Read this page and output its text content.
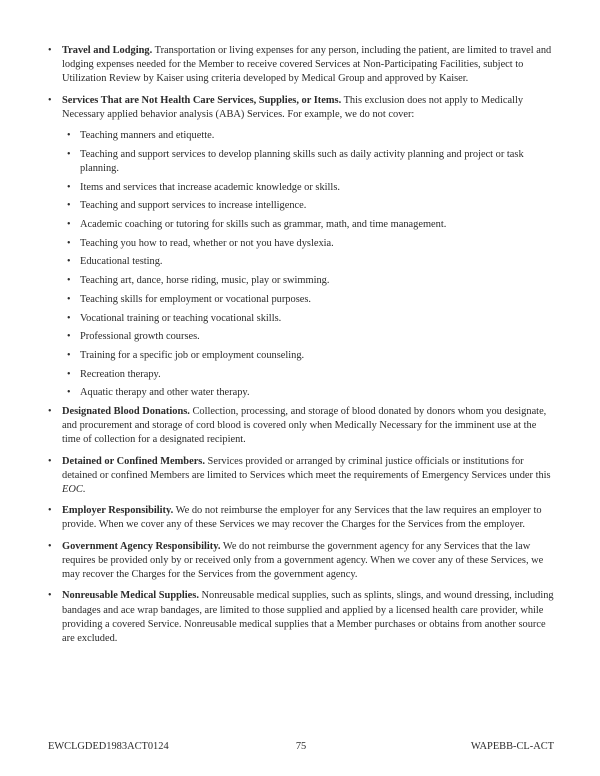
•	Travel and Lodging. Transportation or living expenses for any person, including the patient, are limited to travel and lodging expenses needed for the Member to receive covered Services at Non-Participating Facilities, subject to Utilization Review by Kaiser using criteria developed by Medical Group and approved by Kaiser.

•	Services That are Not Health Care Services, Supplies, or Items. This exclusion does not apply to Medically Necessary applied behavior analysis (ABA) Services. For example, we do not cover:

• Teaching manners and etiquette.

• Teaching and support services to develop planning skills such as daily activity planning and project or task planning.

• Items and services that increase academic knowledge or skills.

• Teaching and support services to increase intelligence.

• Academic coaching or tutoring for skills such as grammar, math, and time management.

• Teaching you how to read, whether or not you have dyslexia.

• Educational testing.

• Teaching art, dance, horse riding, music, play or swimming.

• Teaching skills for employment or vocational purposes.

• Vocational training or teaching vocational skills.

• Professional growth courses.

• Training for a specific job or employment counseling.

• Recreation therapy.

• Aquatic therapy and other water therapy.

•	Designated Blood Donations. Collection, processing, and storage of blood donated by donors whom you designate, and procurement and storage of cord blood is covered only when Medically Necessary for the imminent use at the time of collection for a designated recipient.

•	Detained or Confined Members. Services provided or arranged by criminal justice officials or institutions for detained or confined Members are limited to Services which meet the requirements of Emergency Services under this EOC.

•	Employer Responsibility. We do not reimburse the employer for any Services that the law requires an employer to provide. When we cover any of these Services we may recover the Charges for the Services from the employer.

•	Government Agency Responsibility. We do not reimburse the government agency for any Services that the law requires be provided only by or received only from a government agency. When we cover any of these Services, we may recover the Charges for the Services from the government agency.

•	Nonreusable Medical Supplies. Nonreusable medical supplies, such as splints, slings, and wound dressing, including bandages and ace wrap bandages, are limited to those supplied and applied by a licensed health care provider, while providing a covered Service. Nonreusable medical supplies that a Member purchases or obtains from another source are excluded.

EWCLGDED1983ACT0124	75	WAPEBB-CL-ACT
